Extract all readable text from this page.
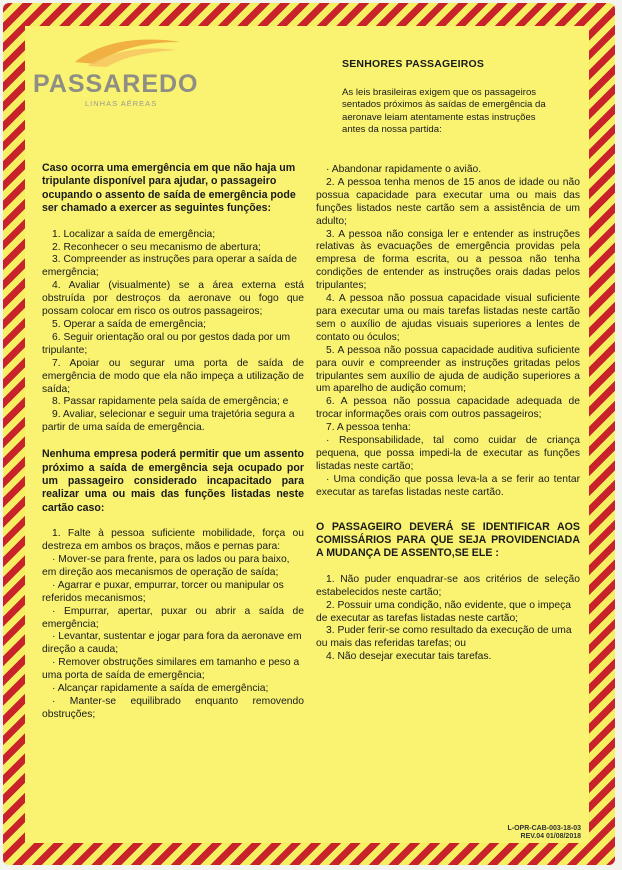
PASSAREDO
LINHAS AÉREAS
SENHORES PASSAGEIROS
As leis brasileiras exigem que os passageiros sentados próximos às saídas de emergência da aeronave leiam atentamente estas instruções antes da nossa partida:

Caso ocorra uma emergência em que não haja um tripulante disponível para ajudar, o passageiro ocupando o assento de saída de emergência pode ser chamado a exercer as seguintes funções:

1. Localizar a saída de emergência;

2. Reconhecer o seu mecanismo de abertura;

3. Compreender as instruções para operar a saída de emergência;

4. Avaliar (visualmente) se a área externa está obstruída por destroços da aeronave ou fogo que possam colocar em risco os outros passageiros;

5. Operar a saída de emergência;

6. Seguir orientação oral ou por gestos dada por um tripulante;

7. Apoiar ou segurar uma porta de saída de emergência de modo que ela não impeça a utilização de saída;

8. Passar rapidamente pela saída de emergência; e

9. Avaliar, selecionar e seguir uma trajetória segura a partir de uma saída de emergência.

Nenhuma empresa poderá permitir que um assento próximo a saída de emergência seja ocupado por um passageiro considerado incapacitado para realizar uma ou mais das funções listadas neste cartão caso:

1. Falte à pessoa suficiente mobilidade, força ou destreza em ambos os braços, mãos e pernas para:

· Mover-se para frente, para os lados ou para baixo, em direção aos mecanismos de operação de saída;

· Agarrar e puxar, empurrar, torcer ou manipular os referidos mecanismos;

· Empurrar, apertar, puxar ou abrir a saída de emergência;

· Levantar, sustentar e jogar para fora da aeronave em direção a cauda;

· Remover obstruções similares em tamanho e peso a uma porta de saída de emergência;

· Alcançar rapidamente a saída de emergência;

· Manter-se equilibrado enquanto removendo obstruções;

· Abandonar rapidamente o avião.

2. A pessoa tenha menos de 15 anos de idade ou não possua capacidade para executar uma ou mais das funções listados neste cartão sem a assistência de um adulto;

3. A pessoa não consiga ler e entender as instruções relativas às evacuações de emergência providas pela empresa de forma escrita, ou a pessoa não tenha condições de entender as instruções orais dadas pelos tripulantes;

4. A pessoa não possua capacidade visual suficiente para executar uma ou mais tarefas listadas neste cartão sem o auxílio de ajudas visuais superiores a lentes de contato ou óculos;

5. A pessoa não possua capacidade auditiva suficiente para ouvir e compreender as instruções gritadas pelos tripulantes sem auxílio de ajuda de audição superiores a um aparelho de audição comum;

6. A pessoa não possua capacidade adequada de trocar informações orais com outros passageiros;

7. A pessoa tenha:

· Responsabilidade, tal como cuidar de criança pequena, que possa impedi-la de executar as funções listadas neste cartão;

· Uma condição que possa leva-la a se ferir ao tentar executar as tarefas listadas neste cartão.

O PASSAGEIRO DEVERÁ SE IDENTIFICAR AOS COMISSÁRIOS PARA QUE SEJA PROVIDENCIADA A MUDANÇA DE ASSENTO,SE ELE :

1. Não puder enquadrar-se aos critérios de seleção estabelecidos neste cartão;

2. Possuir uma condição, não evidente, que o impeça de executar as tarefas listadas neste cartão;

3. Puder ferir-se como resultado da execução de uma ou mais das referidas tarefas; ou

4. Não desejar executar tais tarefas.

L-OPR-CAB-003-18-03
REV.04 01/08/2018
